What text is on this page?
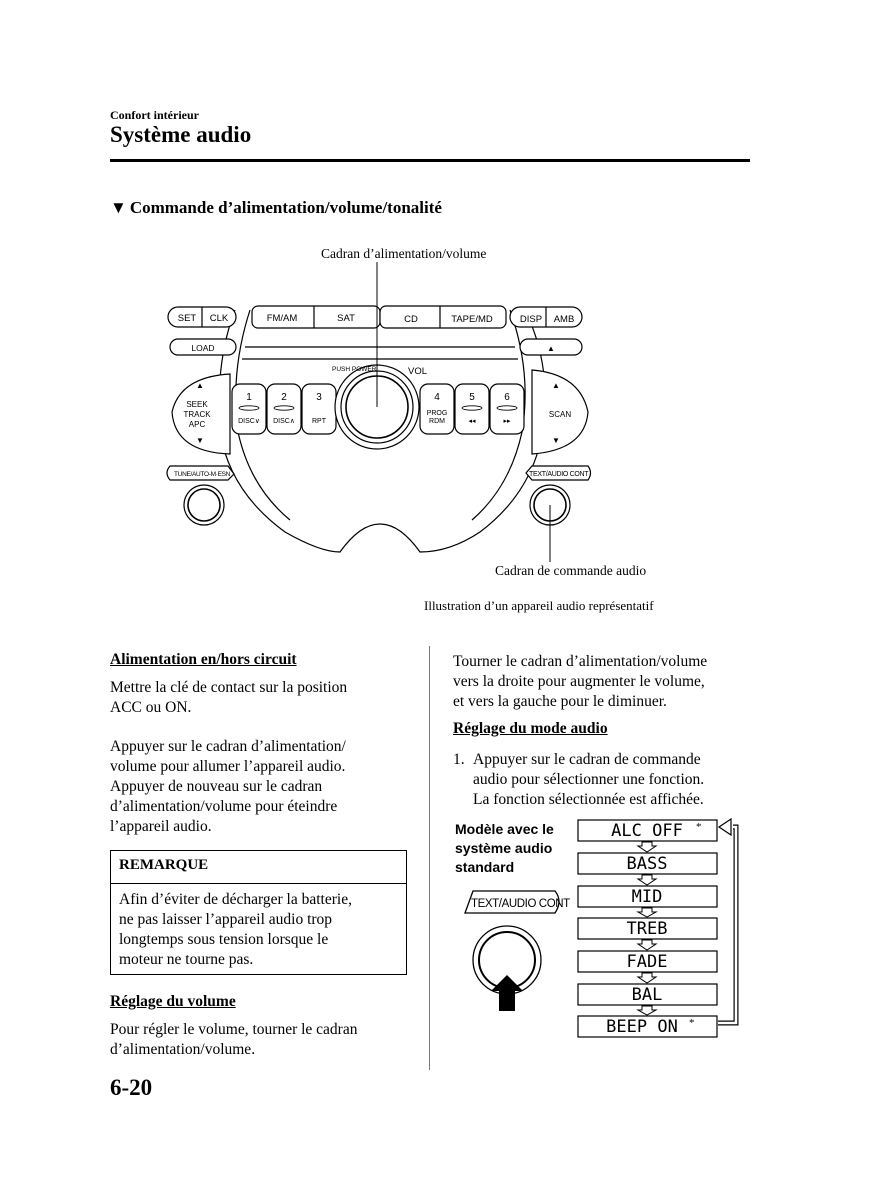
Confort intérieur
Système audio
▼ Commande d’alimentation/volume/tonalité
Cadran d’alimentation/volume
Cadran de commande audio
Illustration d’un appareil audio représentatif
SET CLK	FM/AM	SAT	CD	TAPE/MD	DISP AMB
LOAD	▲
▲
SEEK
TRACK
APC
▼
▲
SCAN
▼
1	2	3	4	5	6
DISC∨ DISC∧ RPT
PROG
RDM	◂◂	▸▸
PUSH POWER	VOL
TUNE/AUTO-M·ESN	TEXT/AUDIO CONT
Alimentation en/hors circuit
Mettre la clé de contact sur la position
ACC ou ON.
Appuyer sur le cadran d’alimentation/
volume pour allumer l’appareil audio.
Appuyer de nouveau sur le cadran
d’alimentation/volume pour éteindre
l’appareil audio.
REMARQUE
Afin d’éviter de décharger la batterie,
ne pas laisser l’appareil audio trop
longtemps sous tension lorsque le
moteur ne tourne pas.
Réglage du volume
Pour régler le volume, tourner le cadran
d’alimentation/volume.
Tourner le cadran d’alimentation/volume
vers la droite pour augmenter le volume,
et vers la gauche pour le diminuer.
Réglage du mode audio
1. Appuyer sur le cadran de commande
audio pour sélectionner une fonction.
La fonction sélectionnée est affichée.
Modèle avec le
système audio
standard
TEXT/AUDIO CONT
ALC OFF
BASS
MID
TREB
FADE
BAL
BEEP ON
*
*
6-20
